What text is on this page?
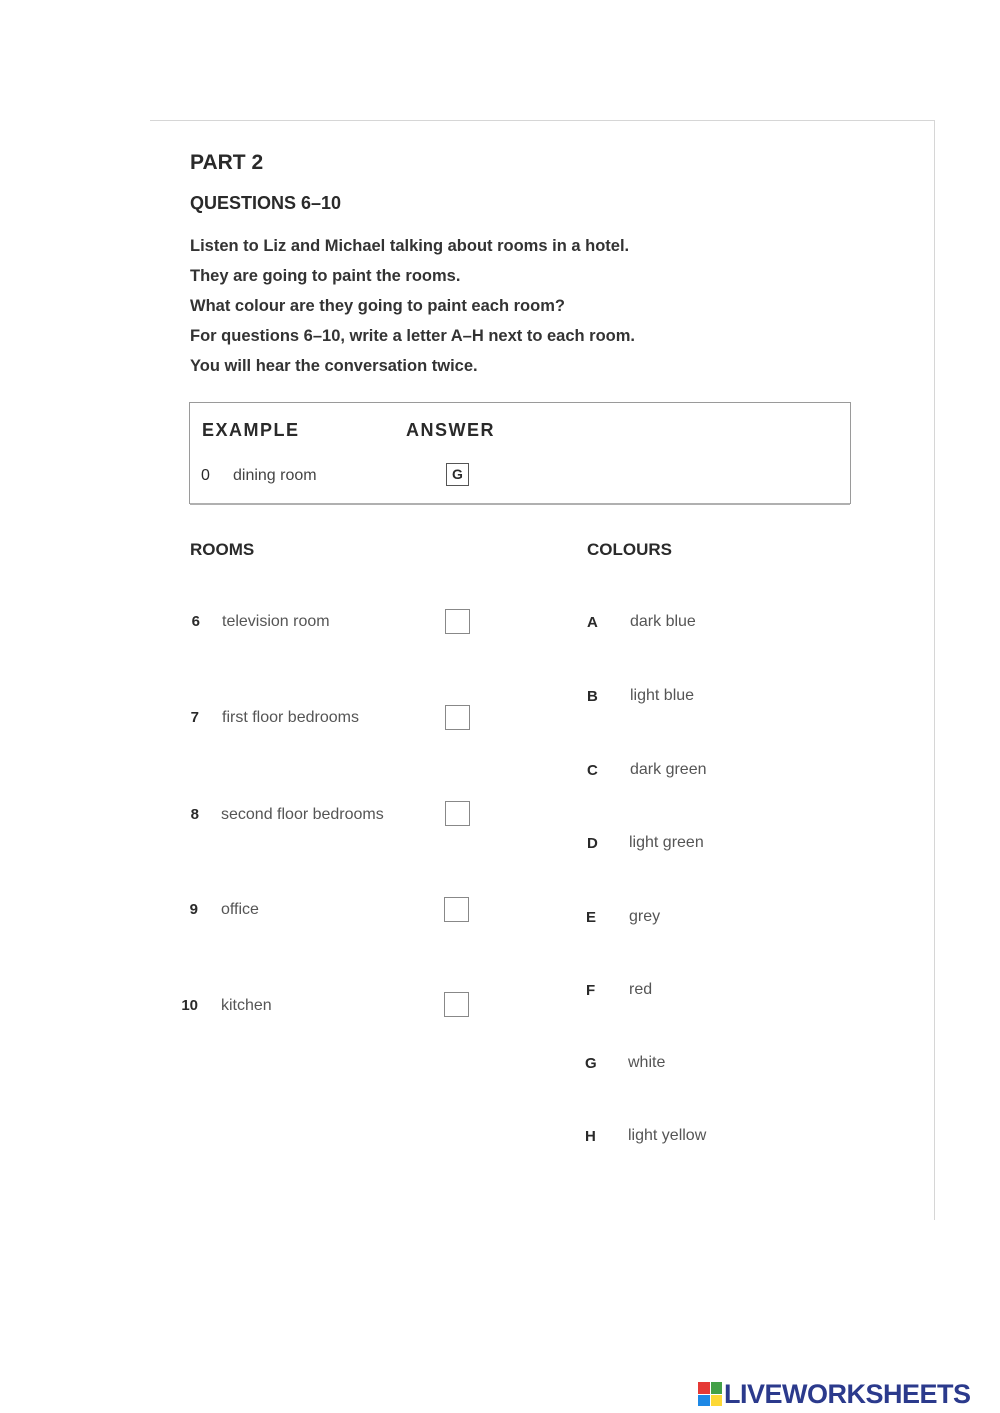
PART 2
QUESTIONS 6–10
Listen to Liz and Michael talking about rooms in a hotel.
They are going to paint the rooms.
What colour are they going to paint each room?
For questions 6–10, write a letter A–H next to each room.
You will hear the conversation twice.
EXAMPLE	ANSWER
0 dining room	G
ROOMS	COLOURS
6 television room
7 first floor bedrooms
8 second floor bedrooms
9 office
10 kitchen
A dark blue
B light blue
C dark green
D light green
E grey
F red
G white
H light yellow
LIVEWORKSHEETS
